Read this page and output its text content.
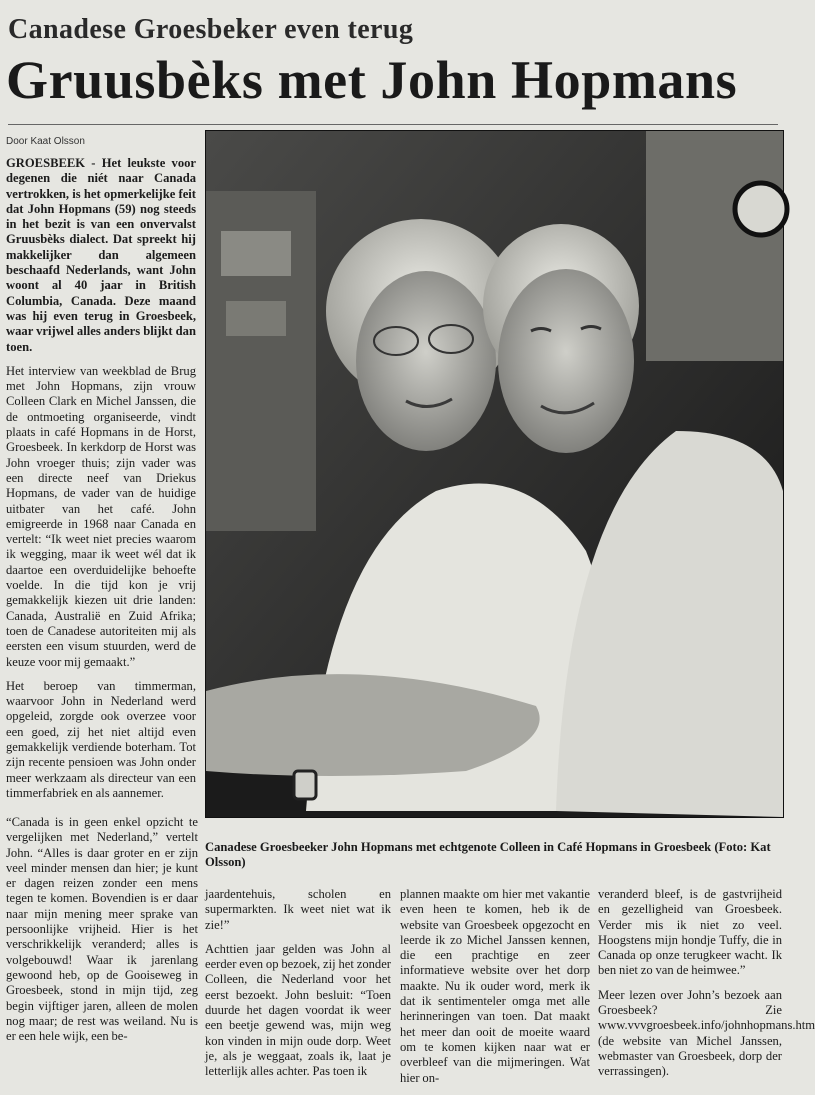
Canadese Groesbeker even terug
Gruusbèks met John Hopmans
Door Kaat Olsson

GROESBEEK - Het leukste voor degenen die niét naar Canada vertrokken, is het opmerkelijke feit dat John Hopmans (59) nog steeds in het bezit is van een onvervalst Gruusbèks dialect. Dat spreekt hij makkelijker dan algemeen beschaafd Nederlands, want John woont al 40 jaar in British Columbia, Canada. Deze maand was hij even terug in Groesbeek, waar vrijwel alles anders blijkt dan toen.

Het interview van weekblad de Brug met John Hopmans, zijn vrouw Colleen Clark en Michel Janssen, die de ontmoeting organiseerde, vindt plaats in café Hopmans in de Horst, Groesbeek. In kerkdorp de Horst was John vroeger thuis; zijn vader was een directe neef van Driekus Hopmans, de vader van de huidige uitbater van het café. John emigreerde in 1968 naar Canada en vertelt: “Ik weet niet precies waarom ik wegging, maar ik weet wél dat ik daartoe een overduidelijke behoefte voelde. In die tijd kon je vrij gemakkelijk kiezen uit drie landen: Canada, Australië en Zuid Afrika; toen de Canadese autoriteiten mij als eersten een visum stuurden, werd de keuze voor mij gemaakt.”

Het beroep van timmerman, waarvoor John in Nederland werd opgeleid, zorgde ook overzee voor een goed, zij het niet altijd even gemakkelijk verdiende boterham. Tot zijn recente pensioen was John onder meer werkzaam als directeur van een timmerfabriek en als aannemer.

Canadese Groesbeeker John Hopmans met echtgenote Colleen in Café Hopmans in Groesbeek (Foto: Kat Olsson)

“Canada is in geen enkel opzicht te vergelijken met Nederland,” vertelt John. “Alles is daar groter en er zijn veel minder mensen dan hier; je kunt er dagen reizen zonder een mens tegen te komen. Bovendien is er daar naar mijn mening meer sprake van persoonlijke vrijheid. Hier is het verschrikkelijk veranderd; alles is volgebouwd! Waar ik jarenlang gewoond heb, op de Gooiseweg in Groesbeek, stond in mijn tijd, zeg begin vijftiger jaren, alleen de molen nog maar; de rest was weiland. Nu is er een hele wijk, een be-

jaardentehuis, scholen en supermarkten. Ik weet niet wat ik zie!”

Achttien jaar gelden was John al eerder even op bezoek, zij het zonder Colleen, die Nederland voor het eerst bezoekt. John besluit: “Toen duurde het dagen voordat ik weer een beetje gewend was, mijn weg kon vinden in mijn oude dorp. Weet je, als je weggaat, zoals ik, laat je letterlijk alles achter. Pas toen ik

plannen maakte om hier met vakantie even heen te komen, heb ik de website van Groesbeek opgezocht en leerde ik zo Michel Janssen kennen, die een prachtige en zeer informatieve website over het dorp maakte. Nu ik ouder word, merk ik dat ik sentimenteler omga met alle herinneringen van toen. Dat maakt het meer dan ooit de moeite waard om te komen kijken naar wat er overbleef van die mijmeringen. Wat hier on-

veranderd bleef, is de gastvrijheid en gezelligheid van Groesbeek. Verder mis ik niet zo veel. Hoogstens mijn hondje Tuffy, die in Canada op onze terugkeer wacht. Ik ben niet zo van de heimwee.”

Meer lezen over John’s bezoek aan Groesbeek? Zie www.vvvgroesbeek.info/johnhopmans.htm (de website van Michel Janssen, webmaster van Groesbeek, dorp der verrassingen).
